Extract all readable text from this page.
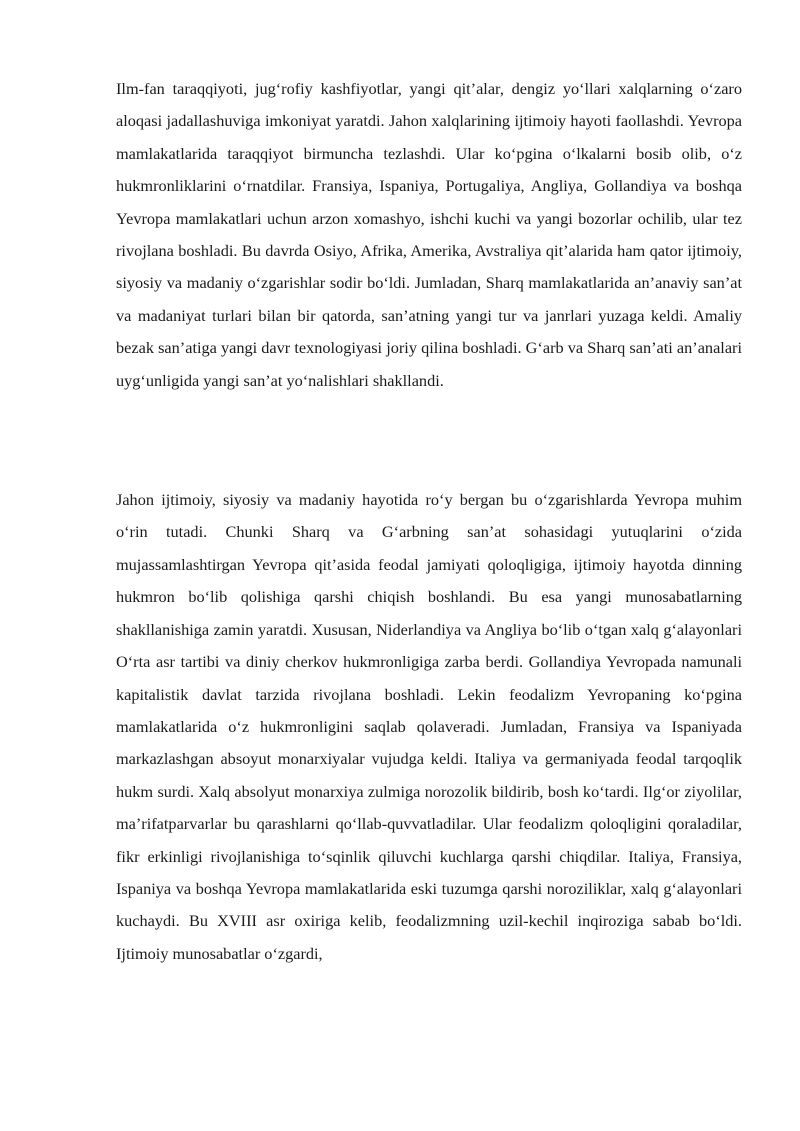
Ilm-fan taraqqiyoti, jug‘rofiy kashfiyotlar, yangi qit’alar, dengiz yo‘llari xalqlarning o‘zaro aloqasi jadallashuviga imkoniyat yaratdi. Jahon xalqlarining ijtimoiy hayoti faollashdi. Yevropa mamlakatlarida taraqqiyot birmuncha tezlashdi. Ular ko‘pgina o‘lkalarni bosib olib, o‘z hukmronliklarini o‘rnatdilar. Fransiya, Ispaniya, Portugaliya, Angliya, Gollandiya va boshqa Yevropa mamlakatlari uchun arzon xomashyo, ishchi kuchi va yangi bozorlar ochilib, ular tez rivojlana boshladi. Bu davrda Osiyo, Afrika, Amerika, Avstraliya qit’alarida ham qator ijtimoiy, siyosiy va madaniy o‘zgarishlar sodir bo‘ldi. Jumladan, Sharq mamlakatlarida an’anaviy san’at va madaniyat turlari bilan bir qatorda, san’atning yangi tur va janrlari yuzaga keldi. Amaliy bezak san’atiga yangi davr texnologiyasi joriy qilina boshladi. G‘arb va Sharq san’ati an’analari uyg‘unligida yangi san’at yo‘nalishlari shakllandi.

Jahon ijtimoiy, siyosiy va madaniy hayotida ro‘y bergan bu o‘zgarishlarda Yevropa muhim o‘rin tutadi. Chunki Sharq va G‘arbning san’at sohasidagi yutuqlarini o‘zida mujassamlashtirgan Yevropa qit’asida feodal jamiyati qoloqligiga, ijtimoiy hayotda dinning hukmron bo‘lib qolishiga qarshi chiqish boshlandi. Bu esa yangi munosabatlarning shakllanishiga zamin yaratdi. Xususan, Niderlandiya va Angliya bo‘lib o‘tgan xalq g‘alayonlari O‘rta asr tartibi va diniy cherkov hukmronligiga zarba berdi. Gollandiya Yevropada namunali kapitalistik davlat tarzida rivojlana boshladi. Lekin feodalizm Yevropaning ko‘pgina mamlakatlarida o‘z hukmronligini saqlab qolaveradi. Jumladan, Fransiya va Ispaniyada markazlashgan absoyut monarxiyalar vujudga keldi. Italiya va germaniyada feodal tarqoqlik hukm surdi. Xalq absolyut monarxiya zulmiga norozolik bildirib, bosh ko‘tardi. Ilg‘or ziyolilar, ma’rifatparvarlar bu qarashlarni qo‘llab-quvvatladilar. Ular feodalizm qoloqligini qoraladilar, fikr erkinligi rivojlanishiga to‘sqinlik qiluvchi kuchlarga qarshi chiqdilar. Italiya, Fransiya, Ispaniya va boshqa Yevropa mamlakatlarida eski tuzumga qarshi noroziliklar, xalq g‘alayonlari kuchaydi. Bu XVIII asr oxiriga kelib, feodalizmning uzil-kechil inqiroziga sabab bo‘ldi. Ijtimoiy munosabatlar o‘zgardi,
